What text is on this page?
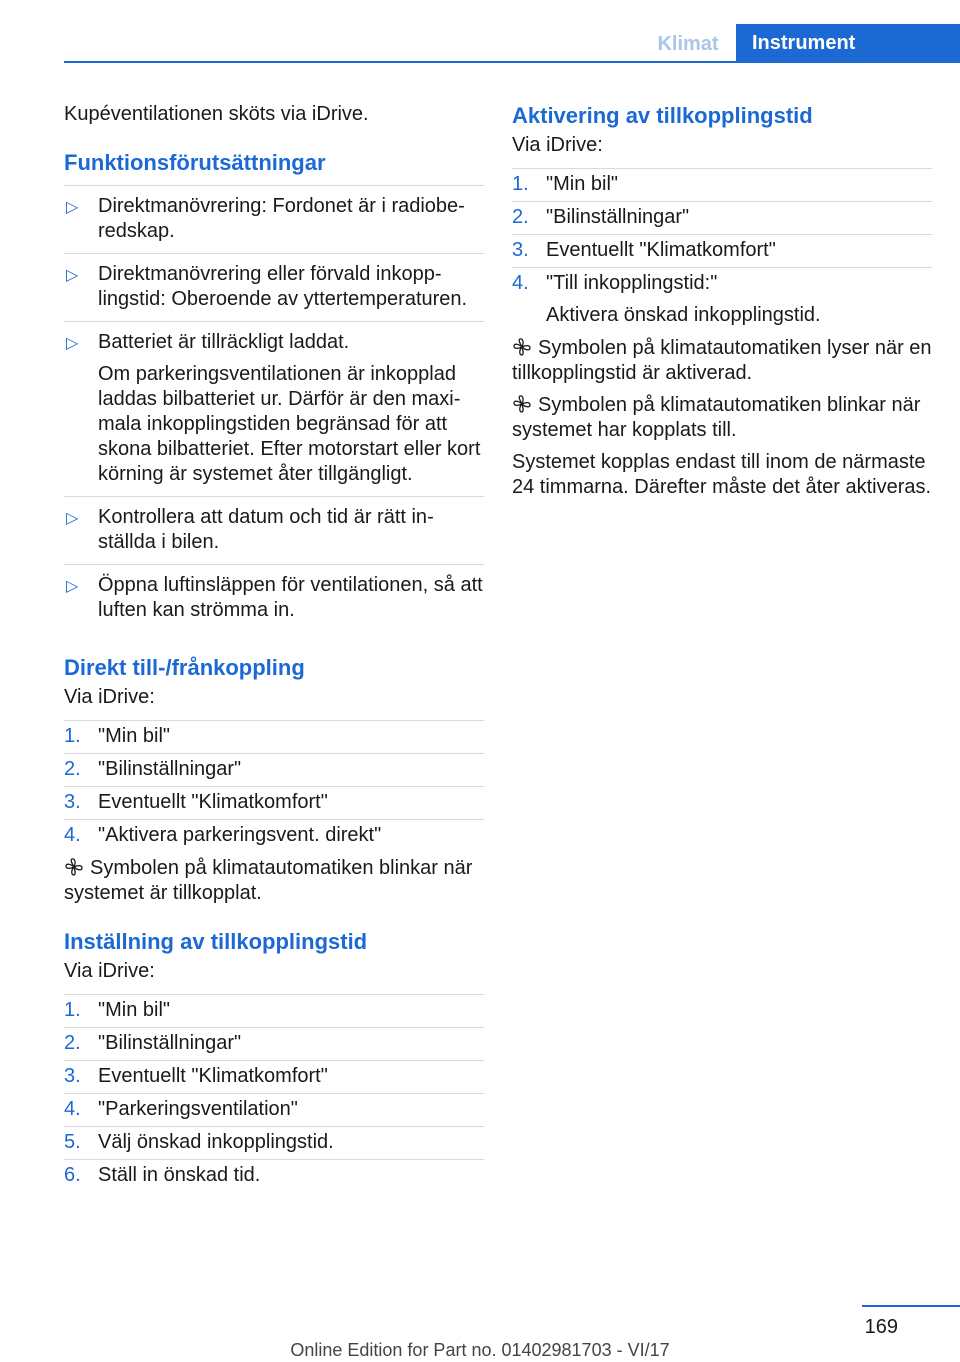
Klimat	Instrument

Kupéventilationen sköts via iDrive.

Funktionsförutsättningar
▷ Direktmanövrering: Fordonet är i radioberedskap.
▷ Direktmanövrering eller förvald inkopplingstid: Oberoende av yttertemperaturen.
▷ Batteriet är tillräckligt laddat.
Om parkeringsventilationen är inkopplad laddas bilbatteriet ur. Därför är den maximala inkopplingstiden begränsad för att skona bilbatteriet. Efter motorstart eller kort körning är systemet åter tillgängligt.
▷ Kontrollera att datum och tid är rätt inställda i bilen.
▷ Öppna luftinsläppen för ventilationen, så att luften kan strömma in.
Direkt till-/frånkoppling

Via iDrive:

1. "Min bil"
2. "Bilinställningar"
3. Eventuellt "Klimatkomfort"
4. "Aktivera parkeringsvent. direkt"

Symbolen på klimatautomatiken blinkar när systemet är tillkopplat.

Inställning av tillkopplingstid

Via iDrive:

1. "Min bil"
2. "Bilinställningar"
3. Eventuellt "Klimatkomfort"
4. "Parkeringsventilation"
5. Välj önskad inkopplingstid.
6. Ställ in önskad tid.
Aktivering av tillkopplingstid

Via iDrive:

1. "Min bil"
2. "Bilinställningar"
3. Eventuellt "Klimatkomfort"
4. "Till inkopplingstid:"
Aktivera önskad inkopplingstid.

Symbolen på klimatautomatiken lyser när en tillkopplingstid är aktiverad.

Symbolen på klimatautomatiken blinkar när systemet har kopplats till.

Systemet kopplas endast till inom de närmaste 24 timmarna. Därefter måste det åter aktiveras.

169
Online Edition for Part no. 01402981703 - VI/17
